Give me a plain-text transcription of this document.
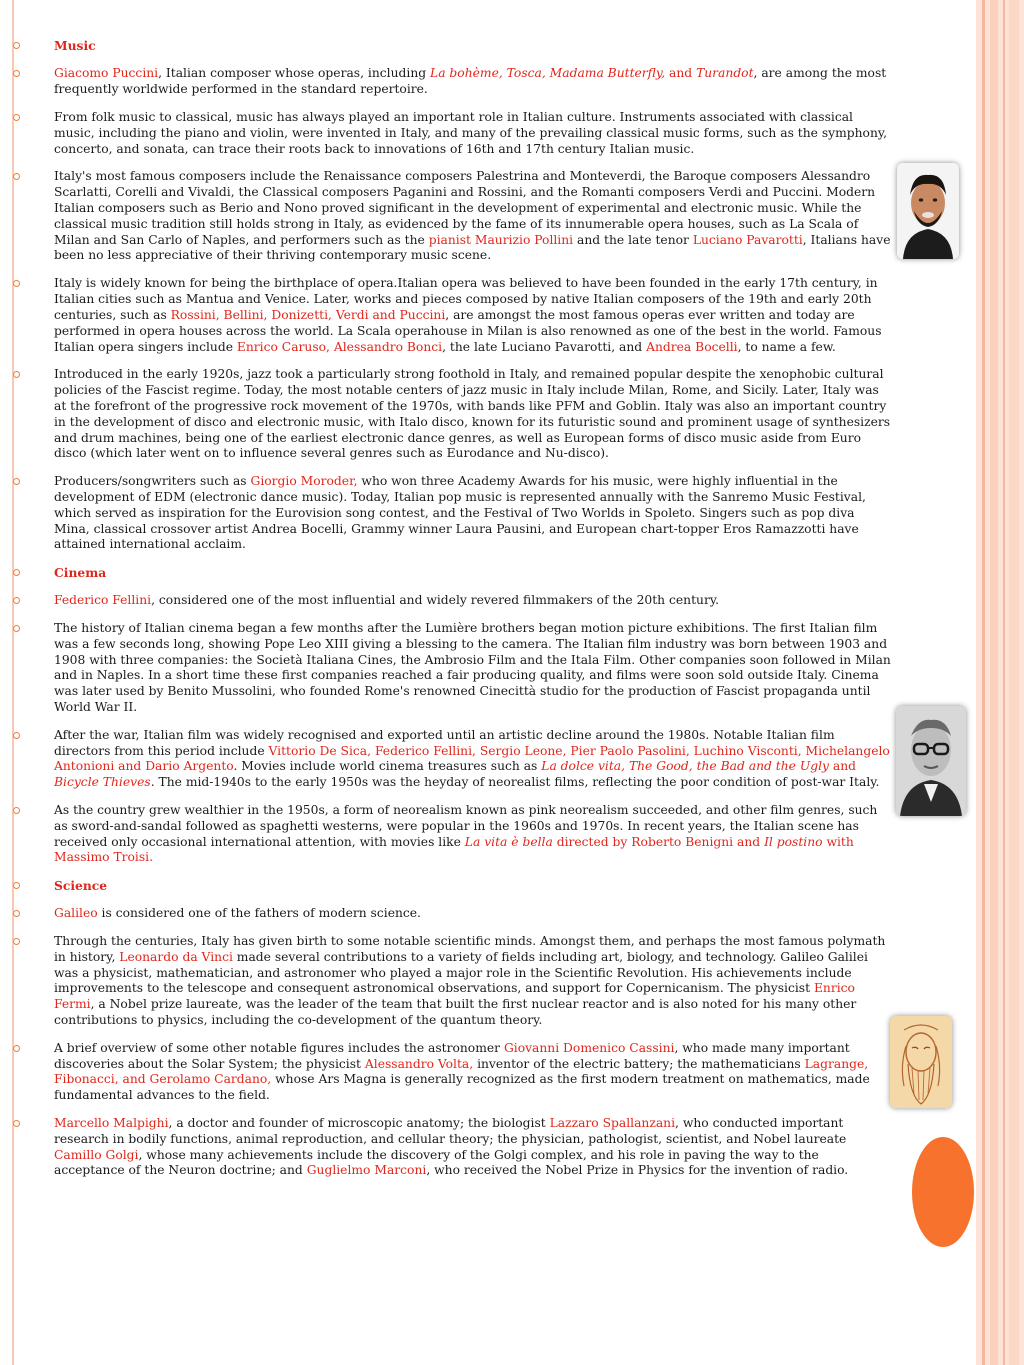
Music
Giacomo Puccini, Italian composer whose operas, including La bohème, Tosca, Madama Butterfly, and Turandot, are among the most frequently worldwide performed in the standard repertoire.
From folk music to classical, music has always played an important role in Italian culture. Instruments associated with classical music, including the piano and violin, were invented in Italy, and many of the prevailing classical music forms, such as the symphony, concerto, and sonata, can trace their roots back to innovations of 16th and 17th century Italian music.
Italy's most famous composers include the Renaissance composers Palestrina and Monteverdi, the Baroque composers Alessandro Scarlatti, Corelli and Vivaldi, the Classical composers Paganini and Rossini, and the Romanti composers Verdi and Puccini. Modern Italian composers such as Berio and Nono proved significant in the development of experimental and electronic music. While the classical music tradition still holds strong in Italy, as evidenced by the fame of its innumerable opera houses, such as La Scala of Milan and San Carlo of Naples, and performers such as the pianist Maurizio Pollini and the late tenor Luciano Pavarotti, Italians have been no less appreciative of their thriving contemporary music scene.
Italy is widely known for being the birthplace of opera.Italian opera was believed to have been founded in the early 17th century, in Italian cities such as Mantua and Venice. Later, works and pieces composed by native Italian composers of the 19th and early 20th centuries, such as Rossini, Bellini, Donizetti, Verdi and Puccini, are amongst the most famous operas ever written and today are performed in opera houses across the world. La Scala operahouse in Milan is also renowned as one of the best in the world. Famous Italian opera singers include Enrico Caruso, Alessandro Bonci, the late Luciano Pavarotti, and Andrea Bocelli, to name a few.
Introduced in the early 1920s, jazz took a particularly strong foothold in Italy, and remained popular despite the xenophobic cultural policies of the Fascist regime. Today, the most notable centers of jazz music in Italy include Milan, Rome, and Sicily. Later, Italy was at the forefront of the progressive rock movement of the 1970s, with bands like PFM and Goblin. Italy was also an important country in the development of disco and electronic music, with Italo disco, known for its futuristic sound and prominent usage of synthesizers and drum machines, being one of the earliest electronic dance genres, as well as European forms of disco music aside from Euro disco (which later went on to influence several genres such as Eurodance and Nu-disco).
Producers/songwriters such as Giorgio Moroder, who won three Academy Awards for his music, were highly influential in the development of EDM (electronic dance music). Today, Italian pop music is represented annually with the Sanremo Music Festival, which served as inspiration for the Eurovision song contest, and the Festival of Two Worlds in Spoleto. Singers such as pop diva Mina, classical crossover artist Andrea Bocelli, Grammy winner Laura Pausini, and European chart-topper Eros Ramazzotti have attained international acclaim.
Cinema
Federico Fellini, considered one of the most influential and widely revered filmmakers of the 20th century.
The history of Italian cinema began a few months after the Lumière brothers began motion picture exhibitions. The first Italian film was a few seconds long, showing Pope Leo XIII giving a blessing to the camera. The Italian film industry was born between 1903 and 1908 with three companies: the Società Italiana Cines, the Ambrosio Film and the Itala Film. Other companies soon followed in Milan and in Naples. In a short time these first companies reached a fair producing quality, and films were soon sold outside Italy. Cinema was later used by Benito Mussolini, who founded Rome's renowned Cinecittà studio for the production of Fascist propaganda until World War II.
After the war, Italian film was widely recognised and exported until an artistic decline around the 1980s. Notable Italian film directors from this period include Vittorio De Sica, Federico Fellini, Sergio Leone, Pier Paolo Pasolini, Luchino Visconti, Michelangelo Antonioni and Dario Argento. Movies include world cinema treasures such as La dolce vita, The Good, the Bad and the Ugly and Bicycle Thieves. The mid-1940s to the early 1950s was the heyday of neorealist films, reflecting the poor condition of post-war Italy.
As the country grew wealthier in the 1950s, a form of neorealism known as pink neorealism succeeded, and other film genres, such as sword-and-sandal followed as spaghetti westerns, were popular in the 1960s and 1970s. In recent years, the Italian scene has received only occasional international attention, with movies like La vita è bella directed by Roberto Benigni and Il postino with Massimo Troisi.
Science
Galileo is considered one of the fathers of modern science.
Through the centuries, Italy has given birth to some notable scientific minds. Amongst them, and perhaps the most famous polymath in history, Leonardo da Vinci made several contributions to a variety of fields including art, biology, and technology. Galileo Galilei was a physicist, mathematician, and astronomer who played a major role in the Scientific Revolution. His achievements include improvements to the telescope and consequent astronomical observations, and support for Copernicanism. The physicist Enrico Fermi, a Nobel prize laureate, was the leader of the team that built the first nuclear reactor and is also noted for his many other contributions to physics, including the co-development of the quantum theory.
A brief overview of some other notable figures includes the astronomer Giovanni Domenico Cassini, who made many important discoveries about the Solar System; the physicist Alessandro Volta, inventor of the electric battery; the mathematicians Lagrange, Fibonacci, and Gerolamo Cardano, whose Ars Magna is generally recognized as the first modern treatment on mathematics, made fundamental advances to the field.
Marcello Malpighi, a doctor and founder of microscopic anatomy; the biologist Lazzaro Spallanzani, who conducted important research in bodily functions, animal reproduction, and cellular theory; the physician, pathologist, scientist, and Nobel laureate Camillo Golgi, whose many achievements include the discovery of the Golgi complex, and his role in paving the way to the acceptance of the Neuron doctrine; and Guglielmo Marconi, who received the Nobel Prize in Physics for the invention of radio.
